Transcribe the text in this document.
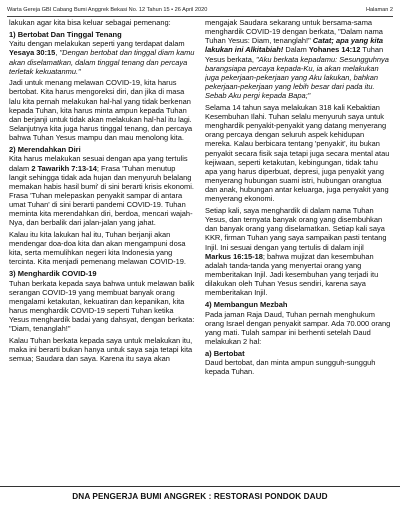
Warta Gereja GBI Cabang Bumi Anggrek Bekasi No. 12 Tahun 15 • 26 April 2020	Halaman 2

lakukan agar kita bisa keluar sebagai pemenang:

1) Bertobat Dan Tinggal Tenang

Yaitu dengan melakukan seperti yang terdapat dalam Yesaya 30:15, "Dengan bertobat dan tinggal diam kamu akan diselamatkan, dalam tinggal tenang dan percaya terletak kekuatanmu."

Jadi untuk menang melawan COVID-19, kita harus bertobat. Kita harus mengoreksi diri, dan jika di masa lalu kita pernah melakukan hal-hal yang tidak berkenan kepada Tuhan, kita harus minta ampun kepada Tuhan dan berjanji untuk tidak akan melakukan hal-hal itu lagi. Selanjutnya kita juga harus tinggal tenang, dan percaya bahwa Tuhan Yesus mampu dan mau menolong kita.

2) Merendahkan Diri

Kita harus melakukan sesuai dengan apa yang tertulis dalam 2 Tawarikh 7:13-14; Frasa 'Tuhan menutup langit sehingga tidak ada hujan dan menyuruh belalang memakan habis hasil bumi' di sini berarti krisis ekonomi. Frasa 'Tuhan melepaskan penyakit sampar di antara umat Tuhan' di sini berarti pandemi COVID-19. Tuhan meminta kita merendahkan diri, berdoa, mencari wajah-Nya, dan berbalik dari jalan-jalan yang jahat.

Kalau itu kita lakukan hal itu, Tuhan berjanji akan mendengar doa-doa kita dan akan mengampuni dosa kita, serta memulihkan negeri kita Indonesia yang tercinta. Kita menjadi pemenang melawan COVID-19.

3) Menghardik COVID-19

Tuhan berkata kepada saya bahwa untuk melawan balik serangan COVID-19 yang membuat banyak orang mengalami ketakutan, kekuatiran dan kepanikan, kita harus menghardik COVID-19 seperti Tuhan ketika Yesus menghardik badai yang dahsyat, dengan berkata: "Diam, tenanglah!"

Kalau Tuhan berkata kepada saya untuk melakukan itu, maka ini berarti bukan hanya untuk saya saja tetapi kita semua; Saudara dan saya. Karena itu saya akan

mengajak Saudara sekarang untuk bersama-sama menghardik COVID-19 dengan berkata, "Dalam nama Tuhan Yesus: Diam, tenanglah!" Catat; apa yang kita lakukan ini Alkitabiah! Dalam Yohanes 14:12 Tuhan Yesus berkata, "Aku berkata kepadamu: Sesungguhnya barangsiapa percaya kepada-Ku, ia akan melakukan juga pekerjaan-pekerjaan yang Aku lakukan, bahkan pekerjaan-pekerjaan yang lebih besar dari pada itu. Sebab Aku pergi kepada Bapa;"

Selama 14 tahun saya melakukan 318 kali Kebaktian Kesembuhan Ilahi. Tuhan selalu menyuruh saya untuk menghardik penyakit-penyakit yang datang menyerang orang percaya dengan seluruh aspek kehidupan mereka. Kalau berbicara tentang 'penyakit', itu bukan penyakit secara fisik saja tetapi juga secara mental atau kejiwaan, seperti ketakutan, kebingungan, tidak tahu apa yang harus diperbuat, depresi, juga penyakit yang menyerang hubungan suami istri, hubungan orangtua dan anak, hubungan antar keluarga, juga penyakit yang menyerang ekonomi.

Setiap kali, saya menghardik di dalam nama Tuhan Yesus, dan ternyata banyak orang yang disembuhkan dan banyak orang yang diselamatkan. Setiap kali saya KKR, firman Tuhan yang saya sampaikan pasti tentang Injil. Ini sesuai dengan yang tertulis di dalam injil Markus 16:15-18; bahwa mujizat dan kesembuhan adalah tanda-tanda yang menyertai orang yang memberitakan Injil. Jadi kesembuhan yang terjadi itu dilakukan oleh Tuhan Yesus sendiri, karena saya memberitakan Injil.

4) Membangun Mezbah

Pada jaman Raja Daud, Tuhan pernah menghukum orang Israel dengan penyakit sampar. Ada 70.000 orang yang mati. Tulah sampar ini berhenti setelah Daud melakukan 2 hal:

a) Bertobat

Daud bertobat, dan minta ampun sungguh-sungguh kepada Tuhan.

DNA PENGERJA BUMI ANGGREK : RESTORASI PONDOK DAUD
